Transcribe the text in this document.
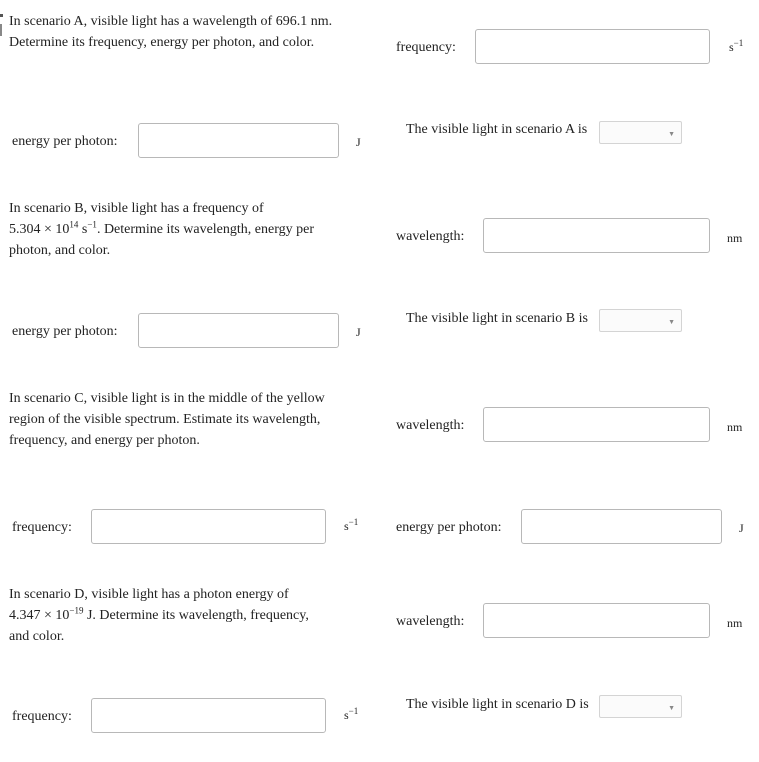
In scenario A, visible light has a wavelength of 696.1 nm.
Determine its frequency, energy per photon, and color.	frequency:	$s^{-1}$
energy per photon:	J
The visible light in scenario A is	▼
In scenario B, visible light has a frequency of
$5.304 \times 10^{14}$ $s^{-1}$. Determine its wavelength, energy per
photon, and color.
wavelength:	nm
The visible light in scenario B is	▼
energy per photon:	J
In scenario C, visible light is in the middle of the yellow
region of the visible spectrum. Estimate its wavelength,
frequency, and energy per photon.
wavelength:	nm
frequency:	$s^{-1}$	energy per photon:	J
In scenario D, visible light has a photon energy of
$4.347 \times 10^{-19}$ J. Determine its wavelength, frequency,
and color.
wavelength:	nm
The visible light in scenario D is	▼
frequency:	$s^{-1}$
